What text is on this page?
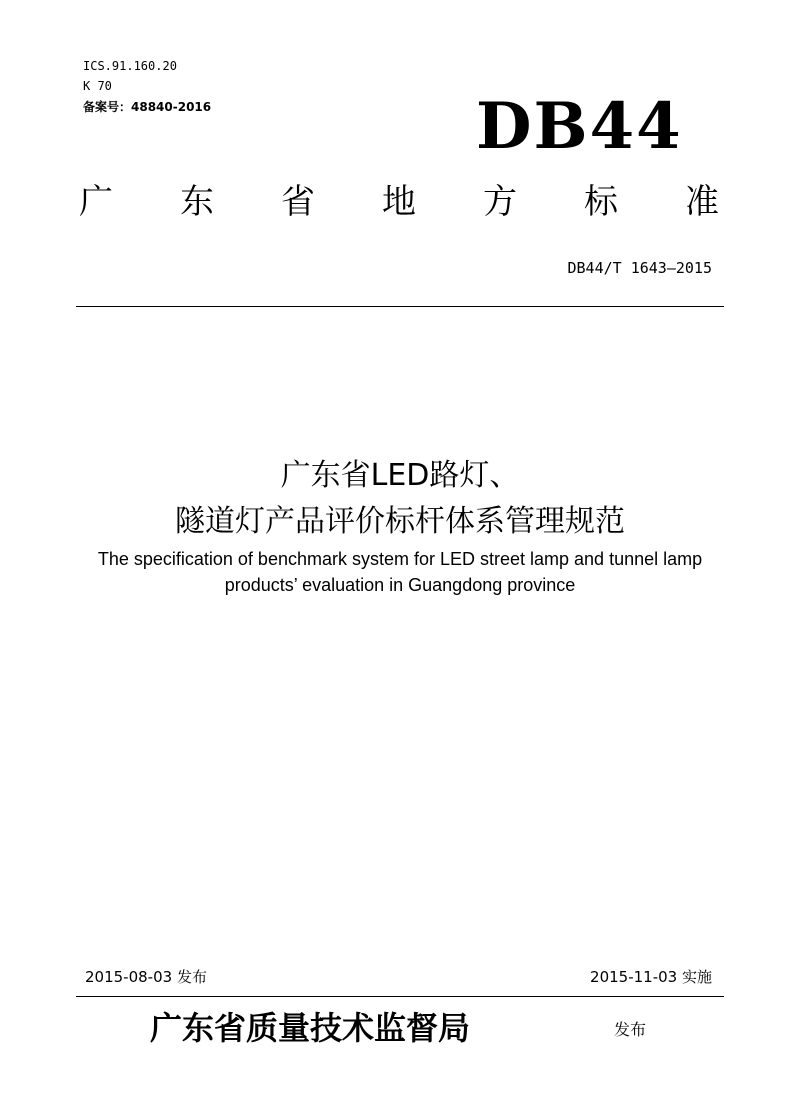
ICS.91.160.20
K 70
备案号：48840-2016	DB44
广 东 省 地 方 标 准
DB44/T 1643—2015
广东省LED路灯、
隧道灯产品评价标杆体系管理规范
The specification of benchmark system for LED street lamp and tunnel lamp
products’ evaluation in Guangdong province
2015-08-03 发布	2015-11-03 实施
广东省质量技术监督局	发布
